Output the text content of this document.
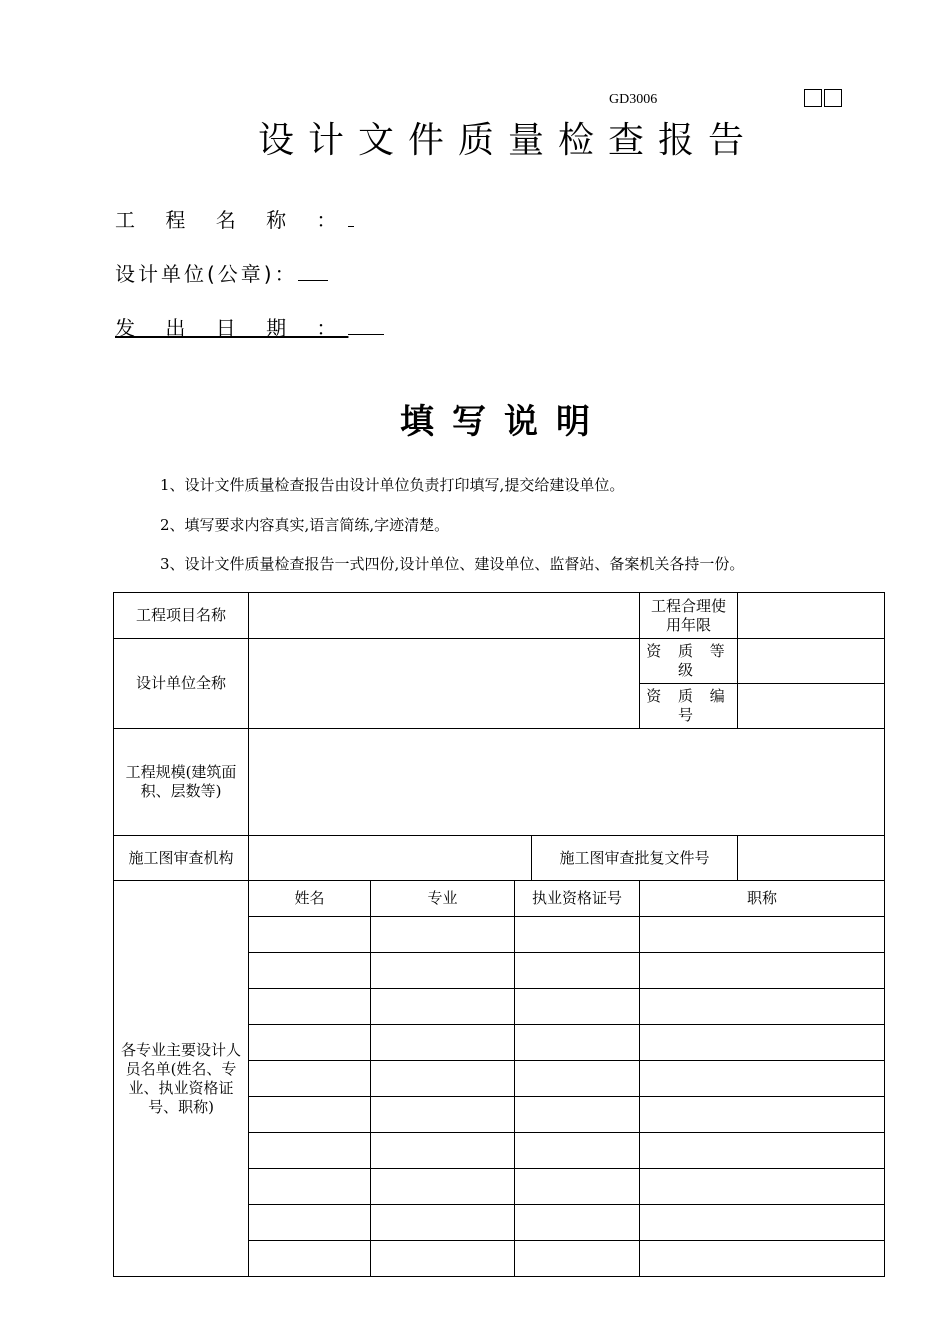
GD3006
设计文件质量检查报告
工 程 名 称 ：
设计单位(公章)：
发 出 日 期 ：
填写说明
1、设计文件质量检查报告由设计单位负责打印填写,提交给建设单位。
2、填写要求内容真实,语言简练,字迹清楚。
3、设计文件质量检查报告一式四份,设计单位、建设单位、监督站、备案机关各持一份。
工程项目名称					工程合理使用年限	
设计单位全称					资 质 等 级	
					资 质 编 号	
工程规模(建筑面积、层数等)						
施工图审查机构				施工图审查批复文件号		
各专业主要设计人员名单(姓名、专业、执业资格证号、职称)	姓名	专业	执业资格证号		职称	
